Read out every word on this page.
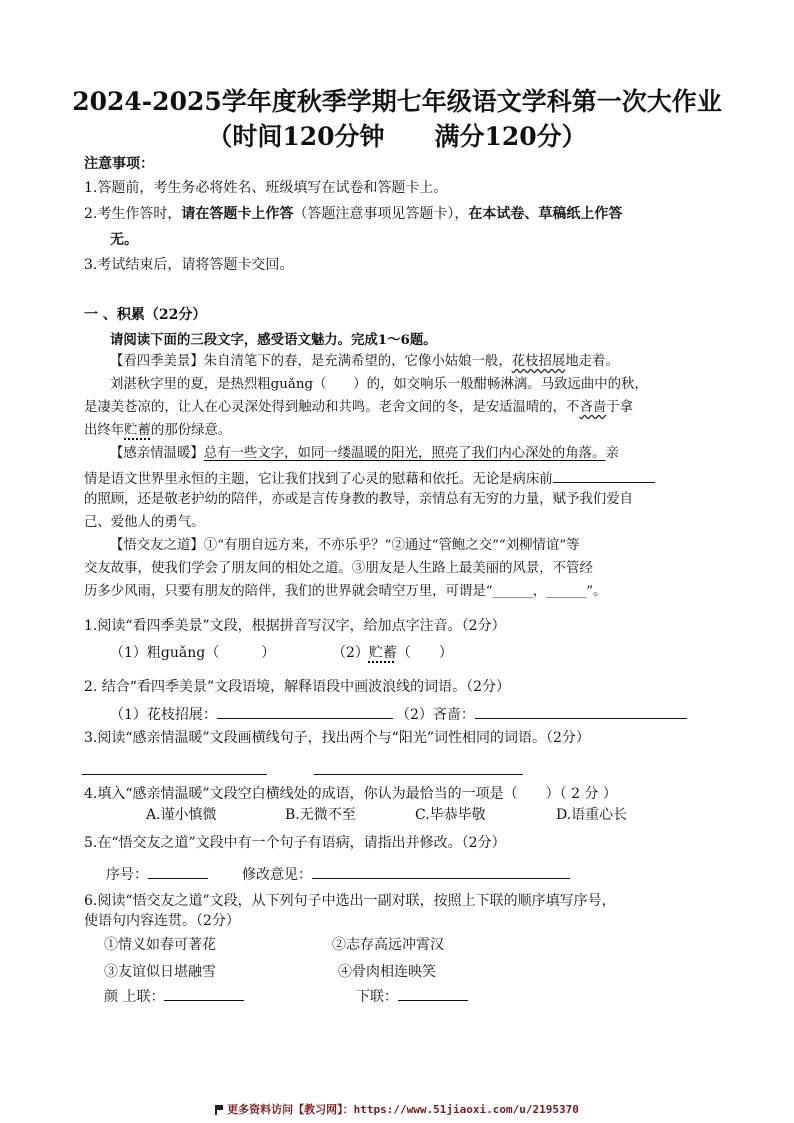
2024-2025学年度秋季学期七年级语文学科第一次大作业
（时间120分钟　　满分120分）
注意事项：
1.答题前，考生务必将姓名、班级填写在试卷和答题卡上。
2.考生作答时，请在答题卡上作答（答题注意事项见答题卡），在本试卷、草稿纸上作答
无。
3.考试结束后，请将答题卡交回。
一 、积累（22分）
请阅读下面的三段文字，感受语文魅力。完成1～6题。
【看四季美景】朱自清笔下的春，是充满希望的，它像小姑娘一般，花枝招展地走着。
刘湛秋字里的夏，是热烈粗guǎng（　　）的，如交响乐一般酣畅淋漓。马致远曲中的秋，
是凄美苍凉的，让人在心灵深处得到触动和共鸣。老舍文间的冬，是安适温晴的，不吝啬于拿
出终年贮蓄的那份绿意。
【感亲情温暖】总有一些文字，如同一缕温暖的阳光，照亮了我们内心深处的角落。亲
情是语文世界里永恒的主题，它让我们找到了心灵的慰藉和依托。无论是病床前
的照顾，还是敬老护幼的陪伴，亦或是言传身教的教导，亲情总有无穷的力量，赋予我们爱自
己、爱他人的勇气。
【悟交友之道】①“有朋自远方来，不亦乐乎？”②通过“管鲍之交”“刘柳情谊”等
交友故事，使我们学会了朋友间的相处之道。③朋友是人生路上最美丽的风景，不管经
历多少风雨，只要有朋友的陪伴，我们的世界就会晴空万里，可谓是“______，______”。
1.阅读“看四季美景”文段，根据拼音写汉字，给加点字注音。（2分）
（1）粗guǎng（　　　）	（2）贮蓄（　　）
2. 结合“看四季美景”文段语境，解释语段中画波浪线的词语。（2分）
（1）花枝招展：	（2）吝啬：
3.阅读“感亲情温暖”文段画横线句子，找出两个与“阳光”词性相同的词语。（2分）
4.填入“感亲情温暖”文段空白横线处的成语，你认为最恰当的一项是（　　）（ 2 分 ）
A.谨小慎微	B.无微不至	C.毕恭毕敬	D.语重心长
5.在“悟交友之道”文段中有一个句子有语病，请指出并修改。（2分）
序号：	修改意见：
6.阅读“悟交友之道”文段，从下列句子中选出一副对联，按照上下联的顺序填写序号，
使语句内容连贯。（2分）
①情义如春可著花	②志存高远冲霄汉
③友谊似日堪融雪	④骨肉相连映笑
颜 上联：	下联：
更多资料访问【教习网】：https://www.51jiaoxi.com/u/2195370
